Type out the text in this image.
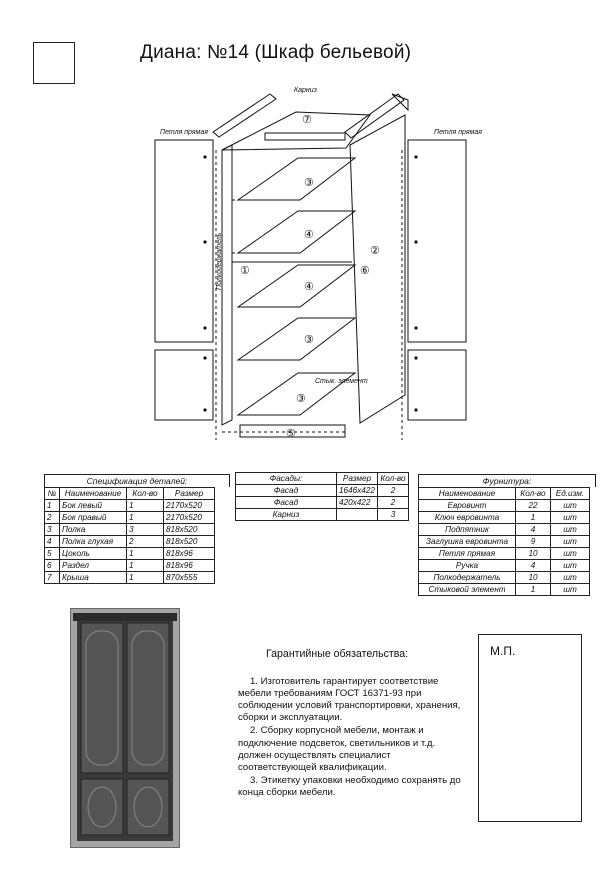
Диана: №14 (Шкаф бельевой)
⑦
③
④
④
③
③
⑤
①
②
⑥
Карниз
Петля прямая	Петля прямая
Стык. элемент
Полкодержатель
Спецификация деталей:
№	Наименование	Кол-во	Размер
1	Бок левый	1	2170x520
2	Бок правый	1	2170x520
3	Полка	3	818x520
4	Полка глухая	2	818x520
5	Цоколь	1	818x96
6	Раздел	1	818x96
7	Крыша	1	870x555
Фасады:	Размер	Кол-во
Фасад	1646x422	2
Фасад	420x422	2
Карниз		3
Фурнитура:
Наименование	Кол-во	Ед.изм.
Евровинт	22	шт
Ключ евровинта	1	шт
Подпятник	4	шт
Заглушка евровинта	9	шт
Петля прямая	10	шт
Ручка	4	шт
Полкодержатель	10	шт
Стыковой элемент	1	шт
Гарантийные обязательства:

1. Изготовитель гарантирует соответствие мебели требованиям ГОСТ 16371-93 при соблюдении условий транспортировки, хранения, сборки и эксплуатации.

2. Сборку корпусной мебели, монтаж и подключение подсветок, светильников и т.д. должен осуществлять специалист соответствующей квалификации.

3. Этикетку упаковки необходимо сохранять до конца сборки мебели.

М.П.
